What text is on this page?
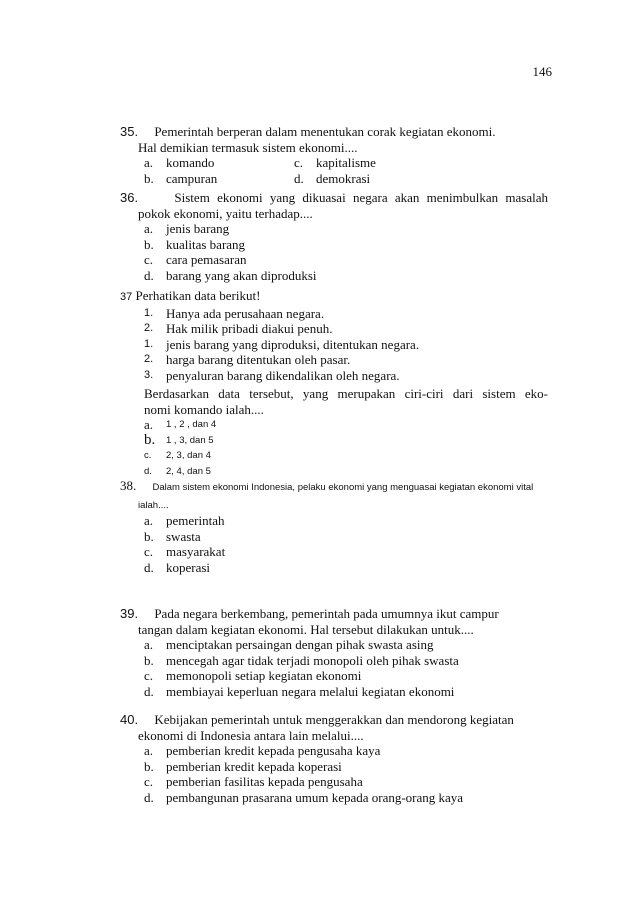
146

35. Pemerintah berperan dalam menentukan corak kegiatan ekonomi.

Hal demikian termasuk sistem ekonomi....

a. komando	c. kapitalisme
b. campuran	d. demokrasi

36.	Sistem ekonomi yang dikuasai negara akan menimbulkan masalah

pokok ekonomi, yaitu terhadap....

a. jenis barang
b. kualitas barang
c. cara pemasaran
d. barang yang akan diproduksi

37 Perhatikan data berikut!

1. Hanya ada perusahaan negara.
2. Hak milik pribadi diakui penuh.
1. jenis barang yang diproduksi, ditentukan negara.
2. harga barang ditentukan oleh pasar.
3. penyaluran barang dikendalikan oleh negara.

Berdasarkan data tersebut, yang merupakan ciri-ciri dari sistem eko-

nomi komando ialah....

a.	1 , 2 , dan 4
b.	1 , 3, dan 5
c.	2, 3, dan 4
d.	2, 4, dan 5

38. Dalam sistem ekonomi Indonesia, pelaku ekonomi yang menguasai kegiatan ekonomi vital

ialah....

a. pemerintah
b. swasta
c. masyarakat
d. koperasi

39. Pada negara berkembang, pemerintah pada umumnya ikut campur

tangan dalam kegiatan ekonomi. Hal tersebut dilakukan untuk....

a. menciptakan persaingan dengan pihak swasta asing
b. mencegah agar tidak terjadi monopoli oleh pihak swasta
c. memonopoli setiap kegiatan ekonomi
d. membiayai keperluan negara melalui kegiatan ekonomi

40. Kebijakan pemerintah untuk menggerakkan dan mendorong kegiatan

ekonomi di Indonesia antara lain melalui....

a. pemberian kredit kepada pengusaha kaya
b. pemberian kredit kepada koperasi
c. pemberian fasilitas kepada pengusaha
d. pembangunan prasarana umum kepada orang-orang kaya
